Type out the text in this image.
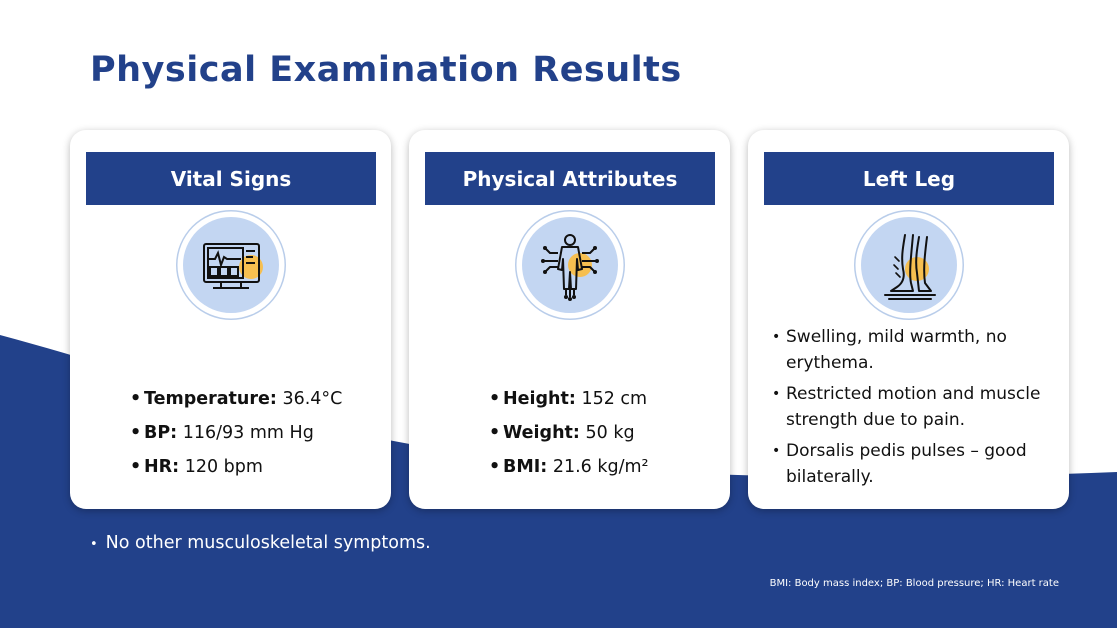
Physical Examination Results
Vital Signs
• Temperature: 36.4°C
• BP: 116/93 mm Hg
• HR: 120 bpm
Physical Attributes
• Height: 152 cm
• Weight: 50 kg
• BMI: 21.6 kg/m²
Left Leg
• Swelling, mild warmth, no erythema.
• Restricted motion and muscle strength due to pain.
• Dorsalis pedis pulses – good bilaterally.
• No other musculoskeletal symptoms.
BMI: Body mass index; BP: Blood pressure; HR: Heart rate
